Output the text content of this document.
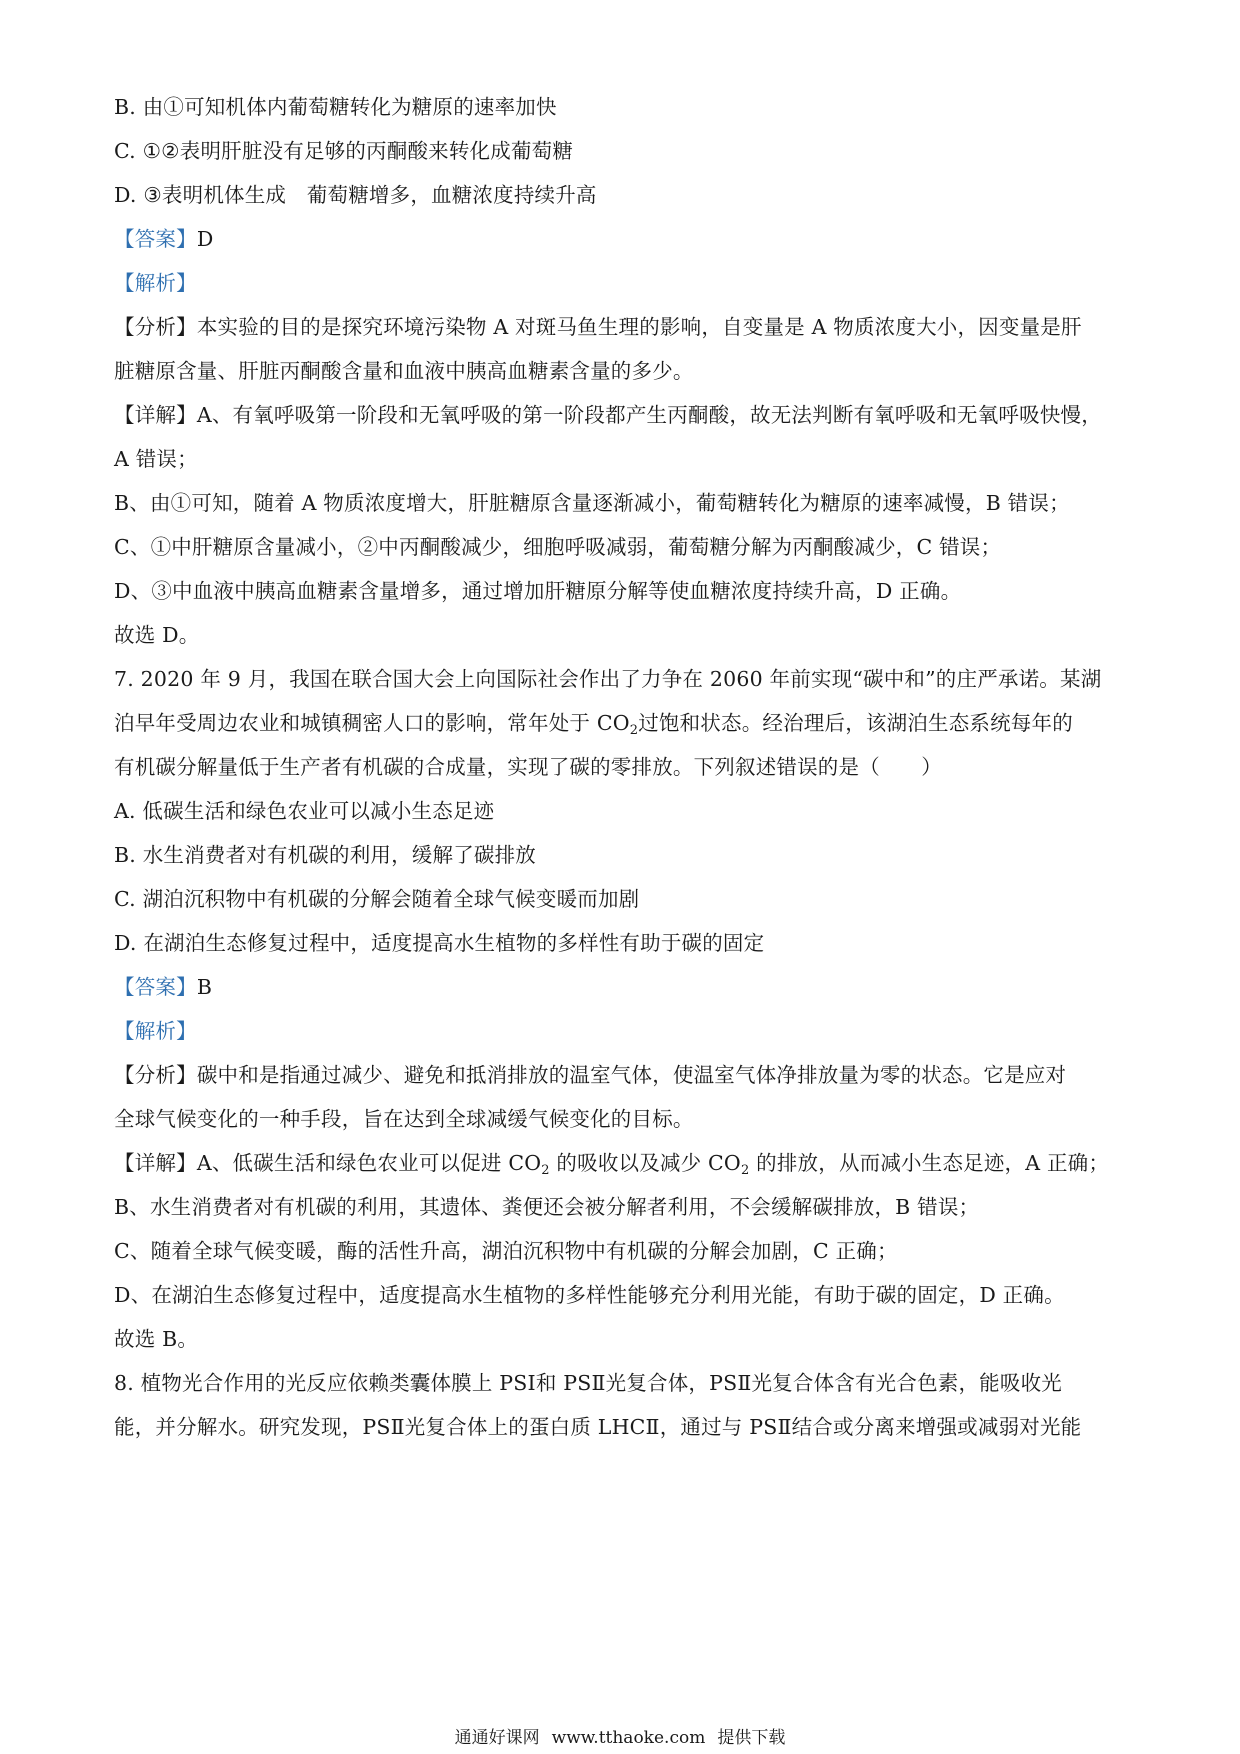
B. 由①可知机体内葡萄糖转化为糖原的速率加快
C. ①②表明肝脏没有足够的丙酮酸来转化成葡萄糖
D. ③表明机体生成　葡萄糖增多，血糖浓度持续升高
【答案】D
【解析】
【分析】本实验的目的是探究环境污染物 A 对斑马鱼生理的影响，自变量是 A 物质浓度大小，因变量是肝
脏糖原含量、肝脏丙酮酸含量和血液中胰高血糖素含量的多少。
【详解】A、有氧呼吸第一阶段和无氧呼吸的第一阶段都产生丙酮酸，故无法判断有氧呼吸和无氧呼吸快慢，
A 错误；
B、由①可知，随着 A 物质浓度增大，肝脏糖原含量逐渐减小，葡萄糖转化为糖原的速率减慢，B 错误；
C、①中肝糖原含量减小，②中丙酮酸减少，细胞呼吸减弱，葡萄糖分解为丙酮酸减少，C 错误；
D、③中血液中胰高血糖素含量增多，通过增加肝糖原分解等使血糖浓度持续升高，D 正确。
故选 D。
7. 2020 年 9 月，我国在联合国大会上向国际社会作出了力争在 2060 年前实现“碳中和”的庄严承诺。某湖
泊早年受周边农业和城镇稠密人口的影响，常年处于 $CO_2$过饱和状态。经治理后，该湖泊生态系统每年的
有机碳分解量低于生产者有机碳的合成量，实现了碳的零排放。下列叙述错误的是（　　）
A. 低碳生活和绿色农业可以减小生态足迹
B. 水生消费者对有机碳的利用，缓解了碳排放
C. 湖泊沉积物中有机碳的分解会随着全球气候变暖而加剧
D. 在湖泊生态修复过程中，适度提高水生植物的多样性有助于碳的固定
【答案】B
【解析】
【分析】碳中和是指通过减少、避免和抵消排放的温室气体，使温室气体净排放量为零的状态。它是应对
全球气候变化的一种手段，旨在达到全球减缓气候变化的目标。
【详解】A、低碳生活和绿色农业可以促进 $CO_2$ 的吸收以及减少 $CO_2$ 的排放，从而减小生态足迹，A 正确；
B、水生消费者对有机碳的利用，其遗体、粪便还会被分解者利用，不会缓解碳排放，B 错误；
C、随着全球气候变暖，酶的活性升高，湖泊沉积物中有机碳的分解会加剧，C 正确；
D、在湖泊生态修复过程中，适度提高水生植物的多样性能够充分利用光能，有助于碳的固定，D 正确。
故选 B。
8. 植物光合作用的光反应依赖类囊体膜上 PSⅠ和 PSⅡ光复合体，PSⅡ光复合体含有光合色素，能吸收光
能，并分解水。研究发现，PSⅡ光复合体上的蛋白质 LHCⅡ，通过与 PSⅡ结合或分离来增强或减弱对光能
通通好课网 www.tthaoke.com 提供下载
